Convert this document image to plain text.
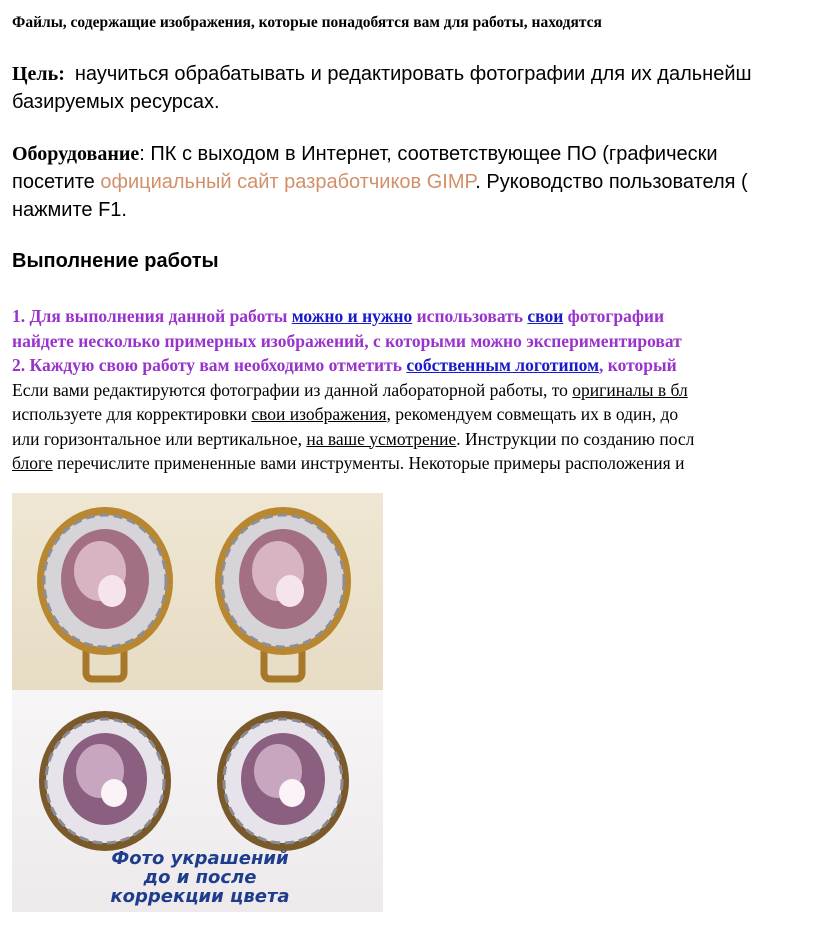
Файлы, содержащие изображения, которые понадобятся вам для работы, находятся
Цель: научиться обрабатывать и редактировать фотографии для их дальнейш
базируемых ресурсах.
Оборудование: ПК с выходом в Интернет, соответствующее ПО (графически
посетите официальный сайт разработчиков GIMP. Руководство пользователя (
нажмите F1.
Выполнение работы
1. Для выполнения данной работы можно и нужно использовать свои фотографии
найдете несколько примерных изображений, с которыми можно экспериментироват
2. Каждую свою работу вам необходимо отметить собственным логотипом, который
Если вами редактируются фотографии из данной лабораторной работы, то оригиналы в бл
используете для корректировки свои изображения, рекомендуем совмещать их в один, до
или горизонтальное или вертикальное, на ваше усмотрение. Инструкции по созданию посл
блоге перечислите примененные вами инструменты. Некоторые примеры расположения и
Фото украшений
до и после
коррекции цвета
